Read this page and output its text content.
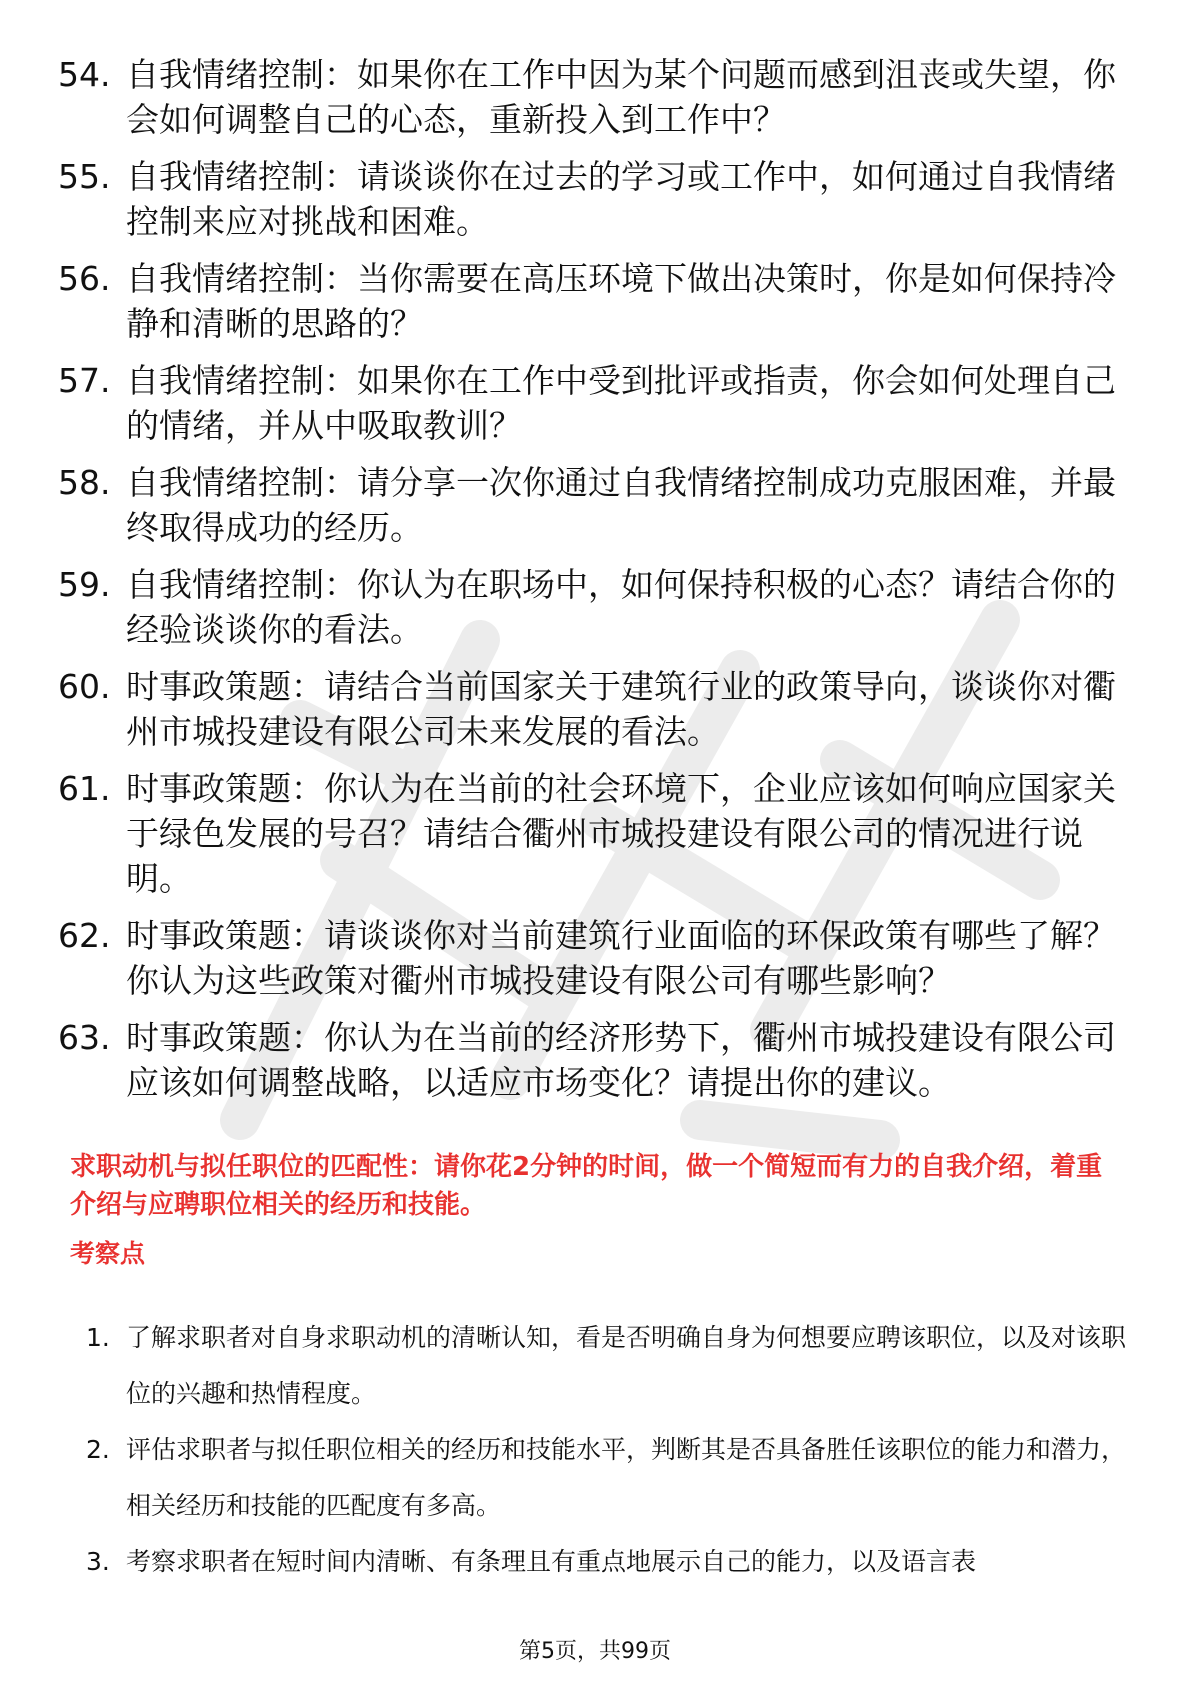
54. 自我情绪控制：如果你在工作中因为某个问题而感到沮丧或失望，你会如何调整自己的心态，重新投入到工作中？
55. 自我情绪控制：请谈谈你在过去的学习或工作中，如何通过自我情绪控制来应对挑战和困难。
56. 自我情绪控制：当你需要在高压环境下做出决策时，你是如何保持冷静和清晰的思路的？
57. 自我情绪控制：如果你在工作中受到批评或指责，你会如何处理自己的情绪，并从中吸取教训？
58. 自我情绪控制：请分享一次你通过自我情绪控制成功克服困难，并最终取得成功的经历。
59. 自我情绪控制：你认为在职场中，如何保持积极的心态？请结合你的经验谈谈你的看法。
60. 时事政策题：请结合当前国家关于建筑行业的政策导向，谈谈你对衢州市城投建设有限公司未来发展的看法。
61. 时事政策题：你认为在当前的社会环境下，企业应该如何响应国家关于绿色发展的号召？请结合衢州市城投建设有限公司的情况进行说明。
62. 时事政策题：请谈谈你对当前建筑行业面临的环保政策有哪些了解？你认为这些政策对衢州市城投建设有限公司有哪些影响？
63. 时事政策题：你认为在当前的经济形势下，衢州市城投建设有限公司应该如何调整战略，以适应市场变化？请提出你的建议。

求职动机与拟任职位的匹配性：请你花2分钟的时间，做一个简短而有力的自我介绍，着重介绍与应聘职位相关的经历和技能。

考察点

1. 了解求职者对自身求职动机的清晰认知，看是否明确自身为何想要应聘该职位，以及对该职位的兴趣和热情程度。
2. 评估求职者与拟任职位相关的经历和技能水平，判断其是否具备胜任该职位的能力和潜力，相关经历和技能的匹配度有多高。
3. 考察求职者在短时间内清晰、有条理且有重点地展示自己的能力，以及语言表
第5页，共99页
